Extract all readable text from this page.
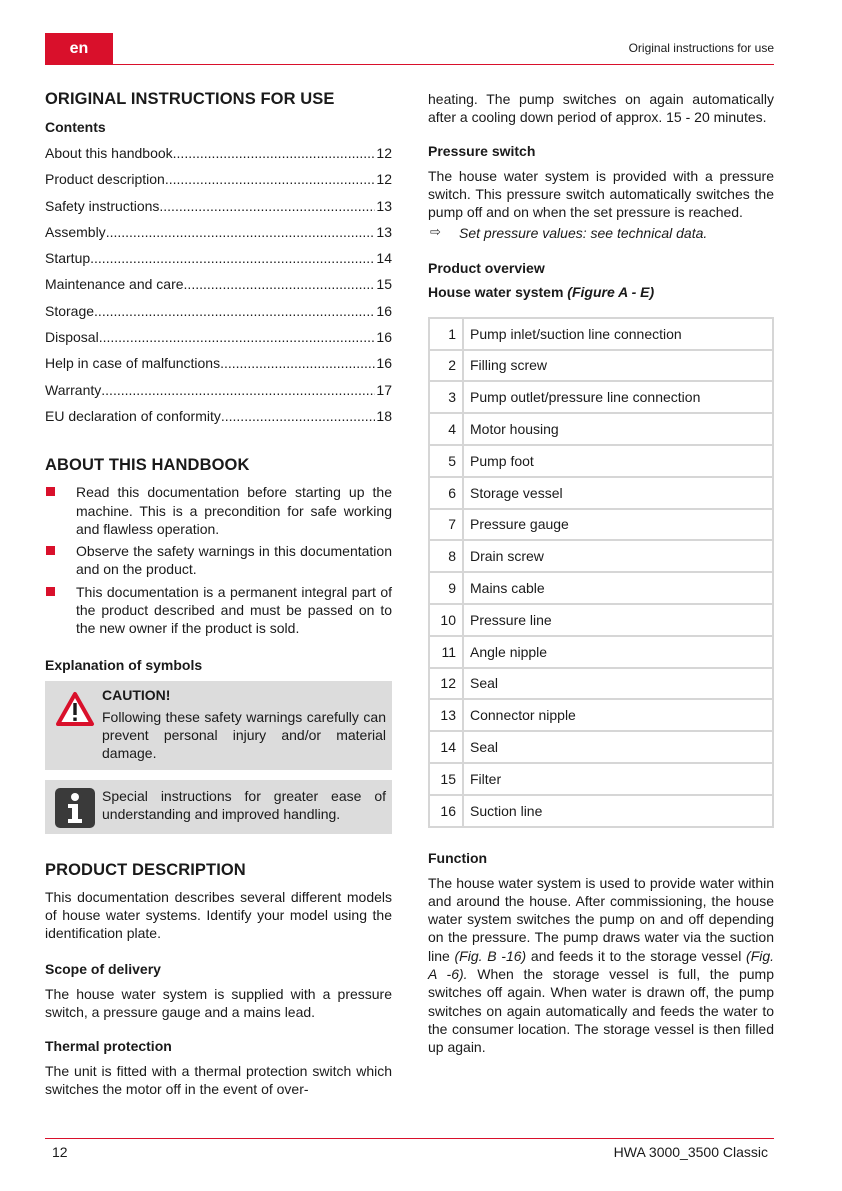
en	Original instructions for use
ORIGINAL INSTRUCTIONS FOR USE
Contents
About this handbook .....	12
Product description .....	12
Safety instructions .....	13
Assembly .....	13
Startup .....	14
Maintenance and care .....	15
Storage .....	16
Disposal .....	16
Help in case of malfunctions .....	16
Warranty .....	17
EU declaration of conformity .....	18
ABOUT THIS HANDBOOK
Read this documentation before starting up the machine. This is a precondition for safe working and flawless operation.
Observe the safety warnings in this documentation and on the product.
This documentation is a permanent integral part of the product described and must be passed on to the new owner if the product is sold.
Explanation of symbols
CAUTION!

Following these safety warnings carefully can prevent personal injury and/or material damage.

Special instructions for greater ease of understanding and improved handling.

PRODUCT DESCRIPTION

This documentation describes several different models of house water systems. Identify your model using the identification plate.

Scope of delivery

The house water system is supplied with a pressure switch, a pressure gauge and a mains lead.

Thermal protection

The unit is fitted with a thermal protection switch which switches the motor off in the event of over-

heating. The pump switches on again automatically after a cooling down period of approx. 15 - 20 minutes.

Pressure switch

The house water system is provided with a pressure switch. This pressure switch automatically switches the pump off and on when the set pressure is reached.

⇨	Set pressure values: see technical data.

Product overview
House water system (Figure A - E)
1	Pump inlet/suction line connection
2	Filling screw
3	Pump outlet/pressure line connection
4	Motor housing
5	Pump foot
6	Storage vessel
7	Pressure gauge
8	Drain screw
9	Mains cable
10	Pressure line
11	Angle nipple
12	Seal
13	Connector nipple
14	Seal
15	Filter
16	Suction line
Function

The house water system is used to provide water within and around the house. After commissioning, the house water system switches the pump on and off depending on the pressure. The pump draws water via the suction line (Fig. B -16) and feeds it to the storage vessel (Fig. A -6). When the storage vessel is full, the pump switches off again. When water is drawn off, the pump switches on again automatically and feeds the water to the consumer location. The storage vessel is then filled up again.

12	HWA 3000_3500 Classic
